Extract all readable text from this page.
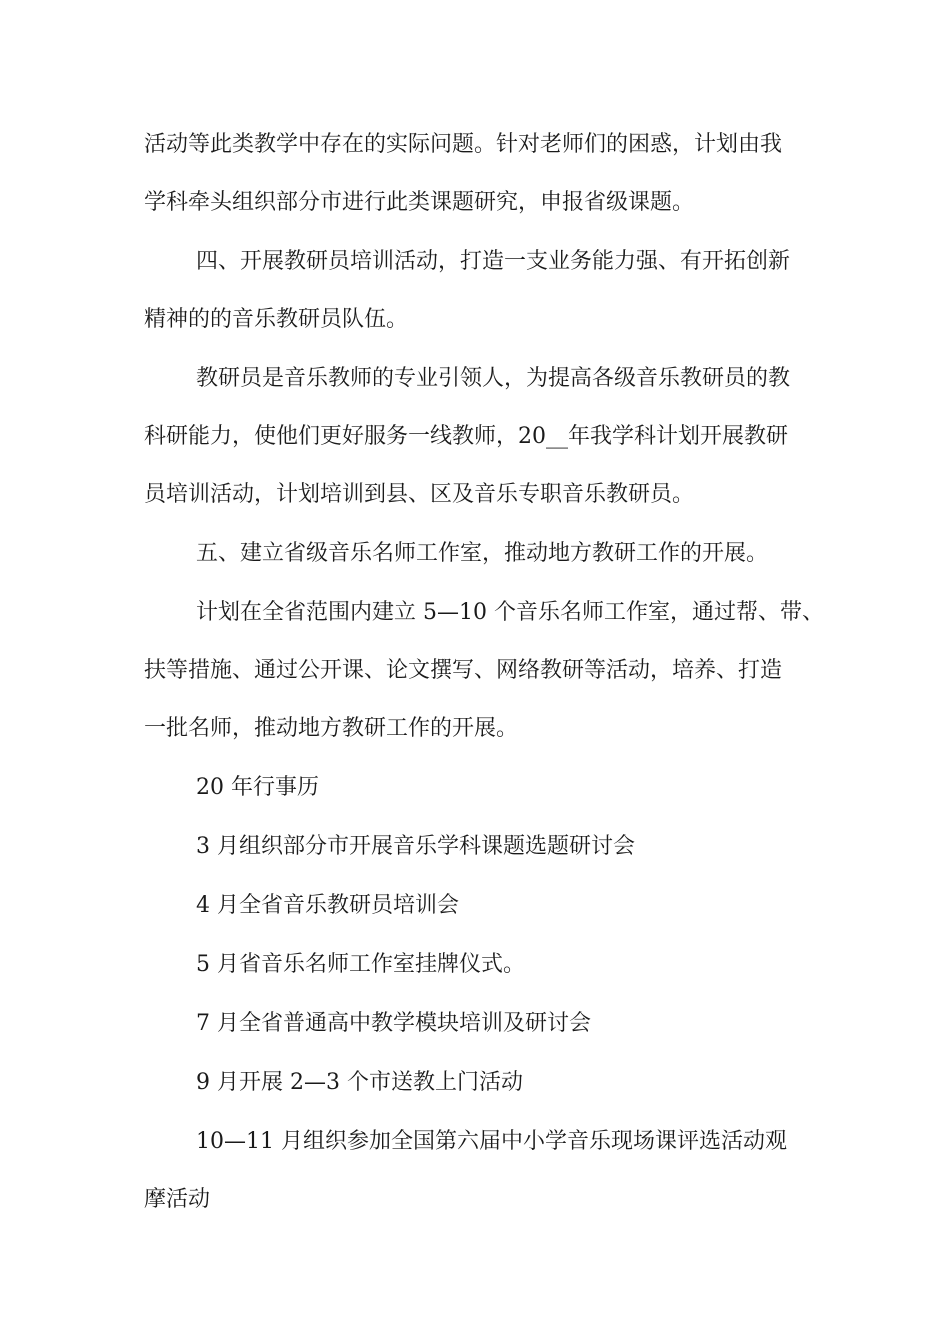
活动等此类教学中存在的实际问题。针对老师们的困惑，计划由我
学科牵头组织部分市进行此类课题研究，申报省级课题。
四、开展教研员培训活动，打造一支业务能力强、有开拓创新
精神的的音乐教研员队伍。
教研员是音乐教师的专业引领人，为提高各级音乐教研员的教
科研能力，使他们更好服务一线教师，20__年我学科计划开展教研
员培训活动，计划培训到县、区及音乐专职音乐教研员。
五、建立省级音乐名师工作室，推动地方教研工作的开展。
计划在全省范围内建立 5—10 个音乐名师工作室，通过帮、带、
扶等措施、通过公开课、论文撰写、网络教研等活动，培养、打造
一批名师，推动地方教研工作的开展。
20 年行事历
3 月组织部分市开展音乐学科课题选题研讨会
4 月全省音乐教研员培训会
5 月省音乐名师工作室挂牌仪式。
7 月全省普通高中教学模块培训及研讨会
9 月开展 2—3 个市送教上门活动
10—11 月组织参加全国第六届中小学音乐现场课评选活动观
摩活动
